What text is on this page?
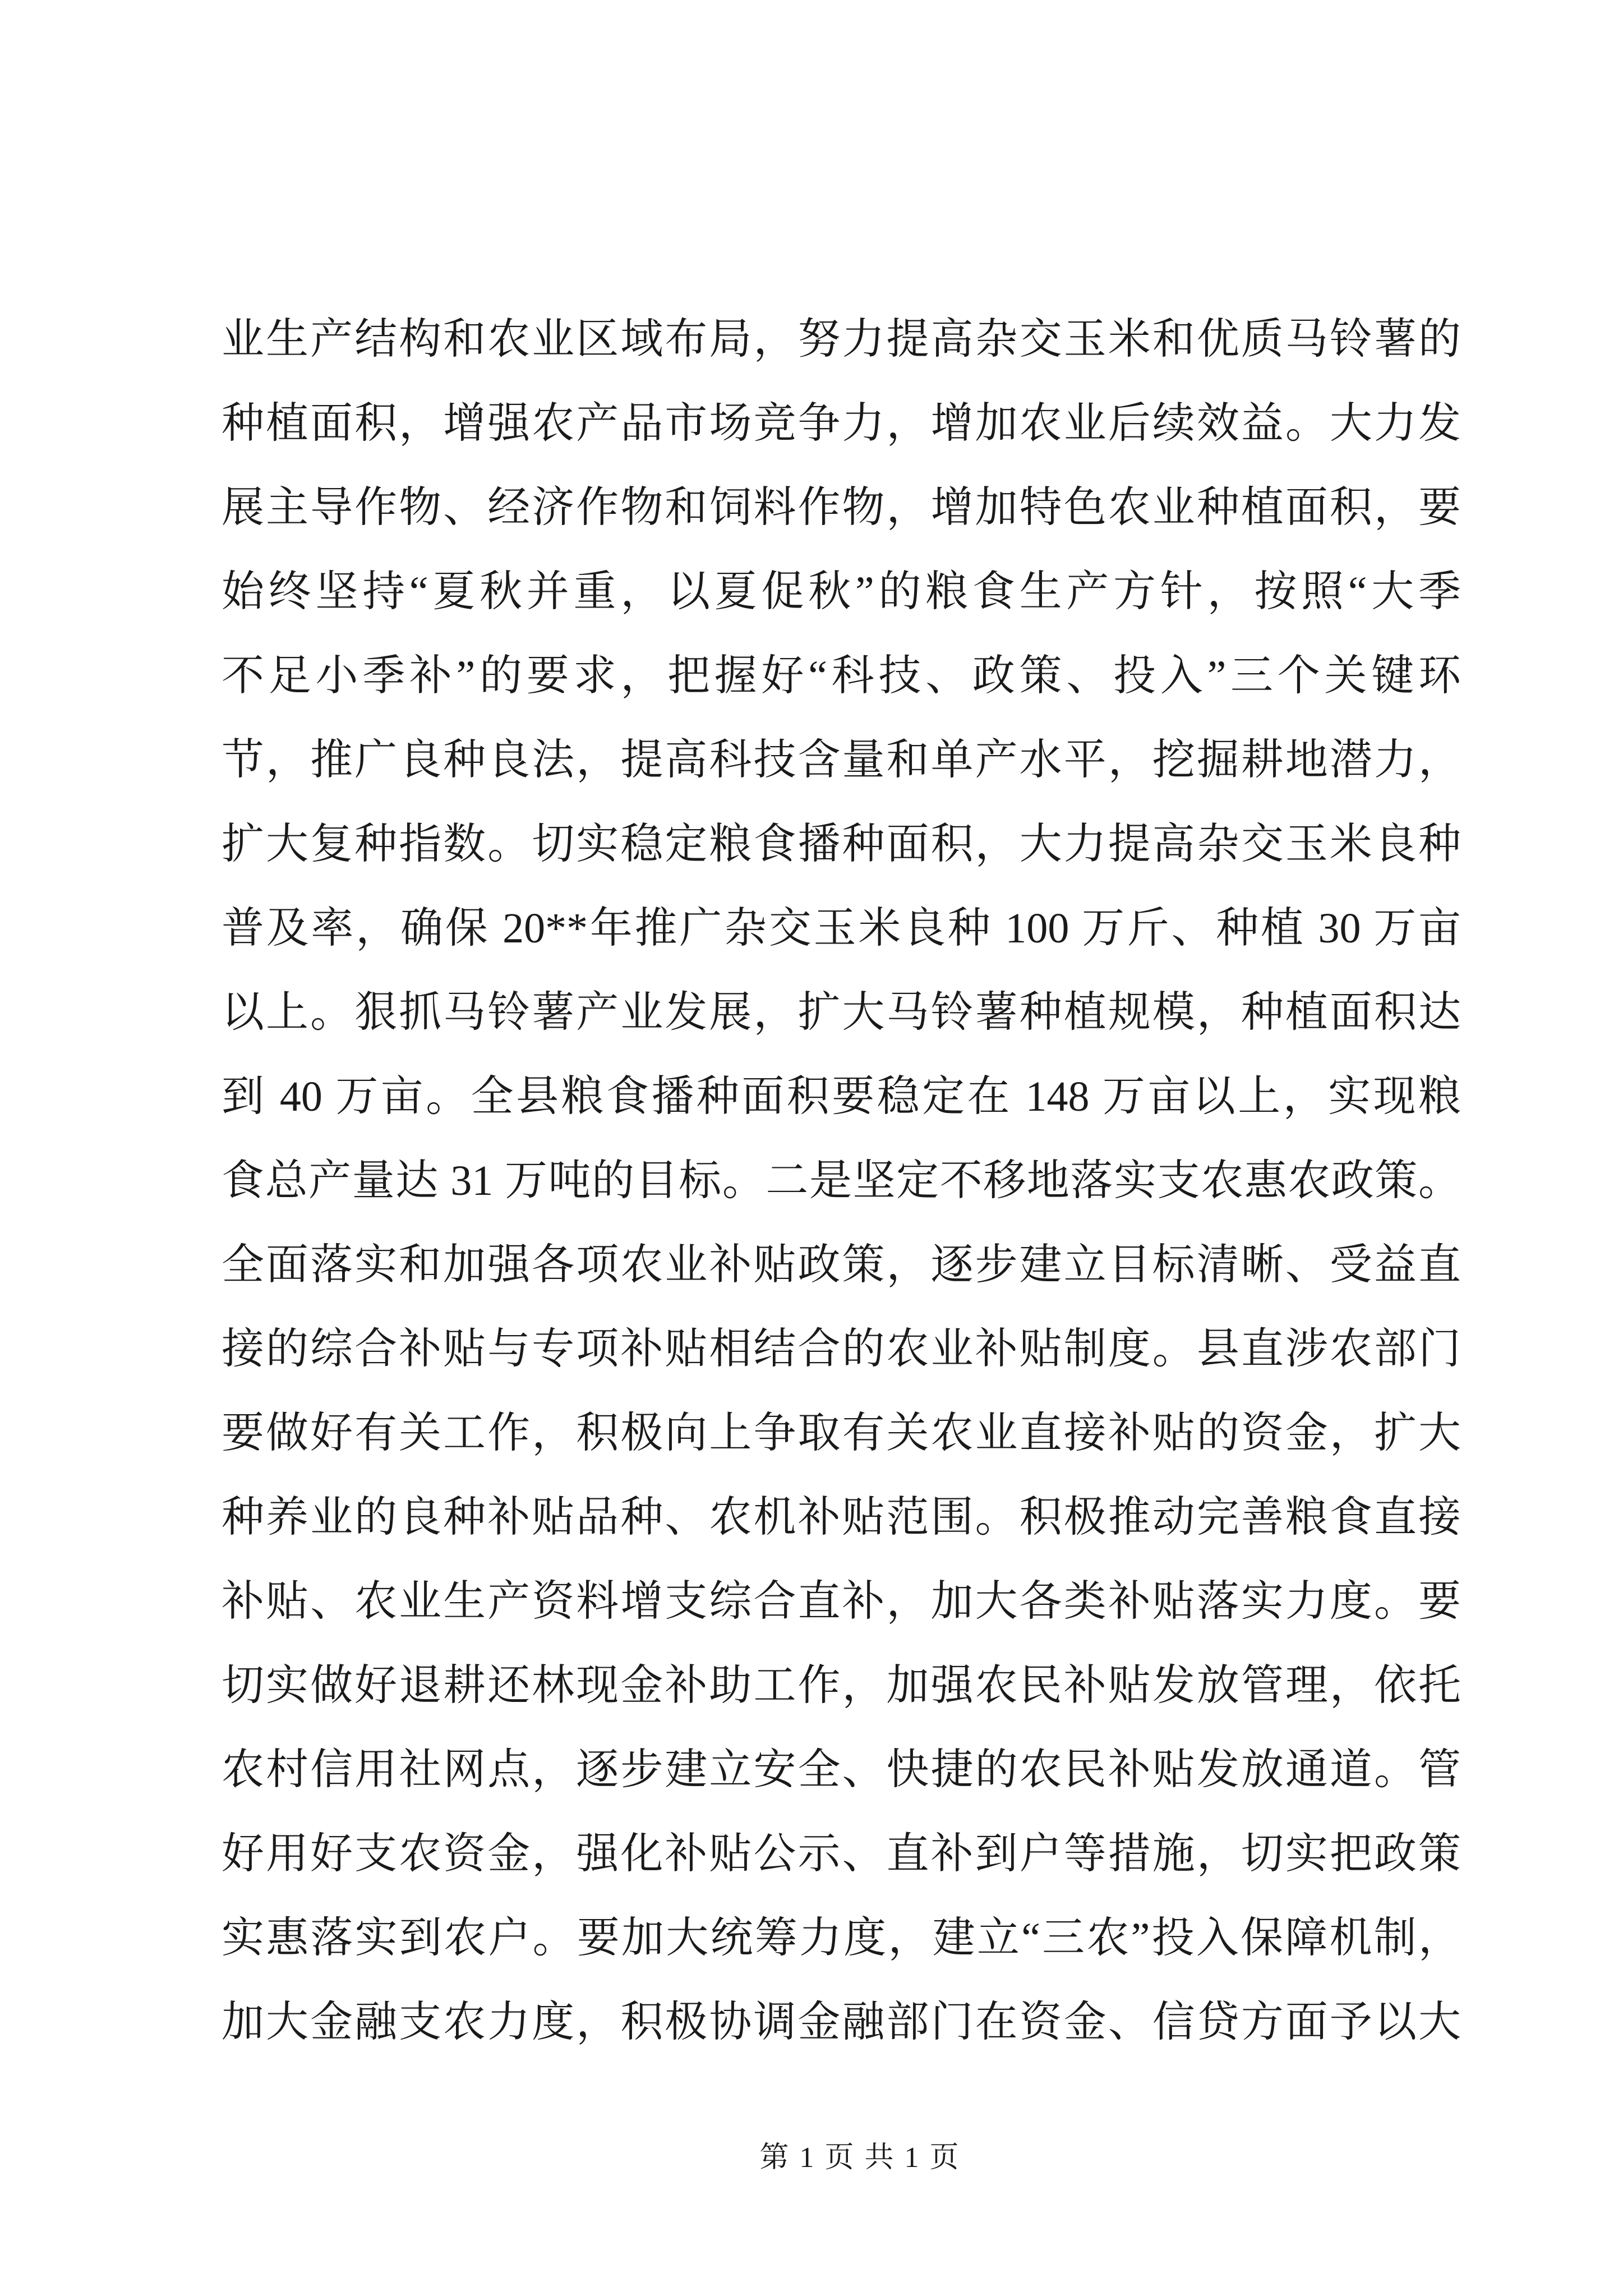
业生产结构和农业区域布局，努力提高杂交玉米和优质马铃薯的
种植面积，增强农产品市场竞争力，增加农业后续效益。大力发
展主导作物、经济作物和饲料作物，增加特色农业种植面积，要
始终坚持“夏秋并重，以夏促秋”的粮食生产方针，按照“大季
不足小季补”的要求，把握好“科技、政策、投入”三个关键环
节，推广良种良法，提高科技含量和单产水平，挖掘耕地潜力，
扩大复种指数。切实稳定粮食播种面积，大力提高杂交玉米良种
普及率，确保 20**年推广杂交玉米良种 100 万斤、种植 30 万亩
以上。狠抓马铃薯产业发展，扩大马铃薯种植规模，种植面积达
到 40 万亩。全县粮食播种面积要稳定在 148 万亩以上，实现粮
食总产量达 31 万吨的目标。二是坚定不移地落实支农惠农政策。
全面落实和加强各项农业补贴政策，逐步建立目标清晰、受益直
接的综合补贴与专项补贴相结合的农业补贴制度。县直涉农部门
要做好有关工作，积极向上争取有关农业直接补贴的资金，扩大
种养业的良种补贴品种、农机补贴范围。积极推动完善粮食直接
补贴、农业生产资料增支综合直补，加大各类补贴落实力度。要
切实做好退耕还林现金补助工作，加强农民补贴发放管理，依托
农村信用社网点，逐步建立安全、快捷的农民补贴发放通道。管
好用好支农资金，强化补贴公示、直补到户等措施，切实把政策
实惠落实到农户。要加大统筹力度，建立“三农”投入保障机制，
加大金融支农力度，积极协调金融部门在资金、信贷方面予以大
第 1 页 共 1 页
